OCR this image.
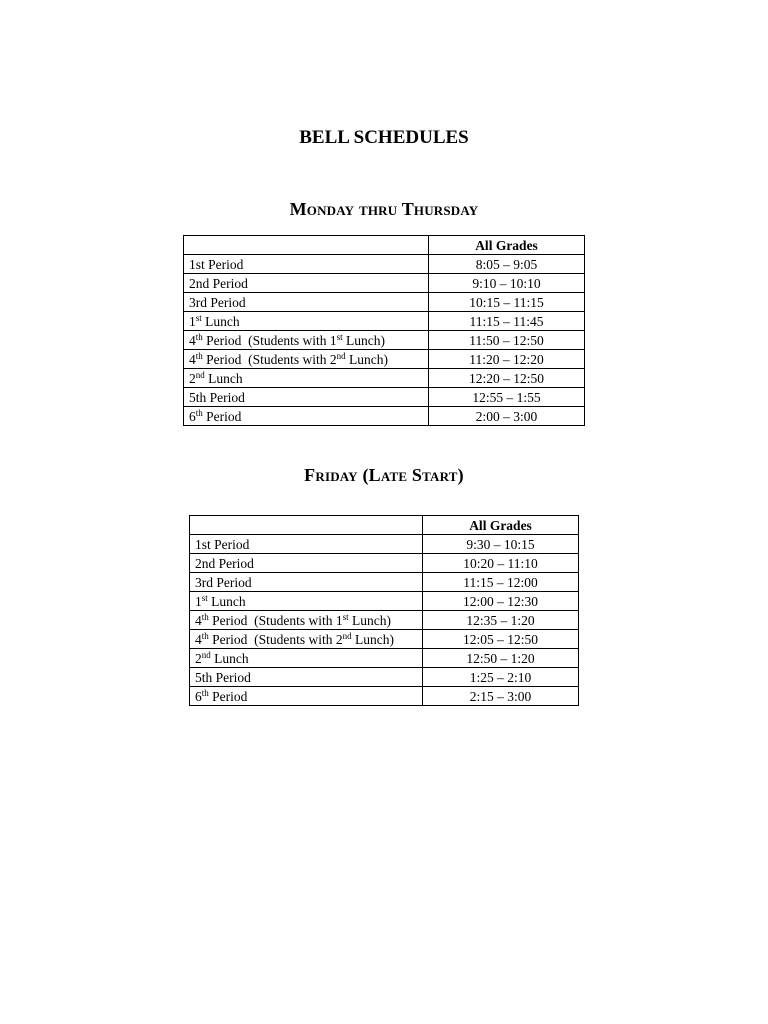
BELL SCHEDULES
Monday thru Thursday
	All Grades
1st Period	8:05 – 9:05
2nd Period	9:10 – 10:10
3rd Period	10:15 – 11:15
1st Lunch	11:15 – 11:45
4th Period  (Students with 1st Lunch)	11:50 – 12:50
4th Period  (Students with 2nd Lunch)	11:20 – 12:20
2nd Lunch	12:20 – 12:50
5th Period	12:55 – 1:55
6th Period	2:00 – 3:00
Friday (Late Start)
	All Grades
1st Period	9:30 – 10:15
2nd Period	10:20 – 11:10
3rd Period	11:15 – 12:00
1st Lunch	12:00 – 12:30
4th Period  (Students with 1st Lunch)	12:35 – 1:20
4th Period  (Students with 2nd Lunch)	12:05 – 12:50
2nd Lunch	12:50 – 1:20
5th Period	1:25 – 2:10
6th Period	2:15 – 3:00
